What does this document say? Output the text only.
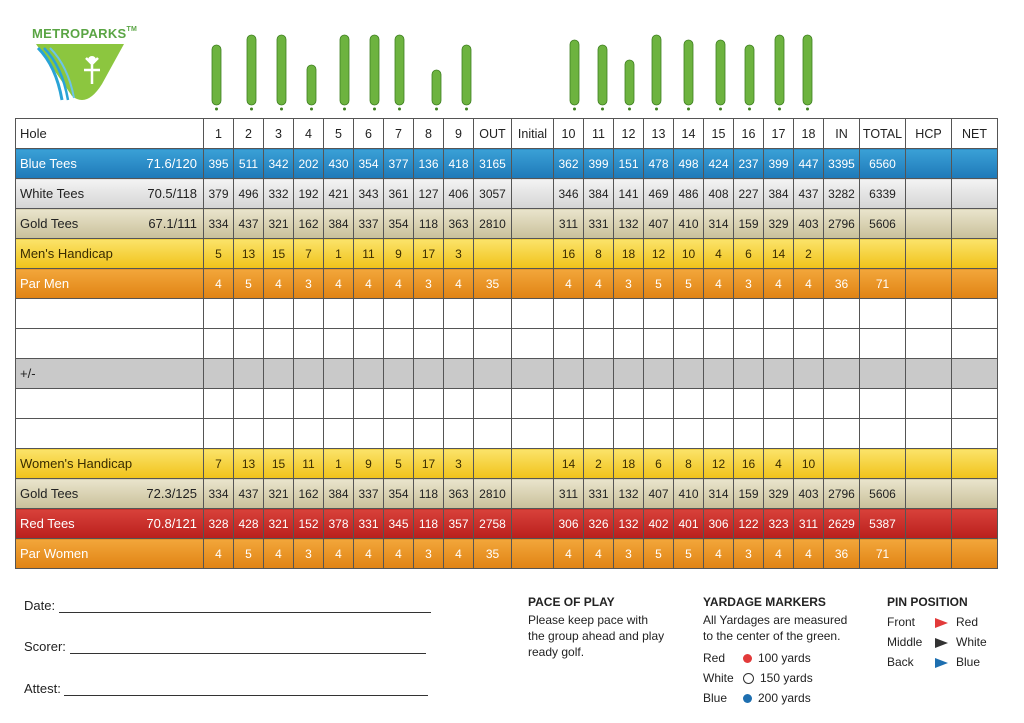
METROPARKS™
Hole	1	2	3	4	5	6	7	8	9	OUT	Initial	10	11	12	13	14	15	16	17	18	IN	TOTAL	HCP	NET

Blue Tees 71.6/120	395	511	342	202	430	354	377	136	418	3165		362	399	151	478	498	424	237	399	447	3395	6560		

White Tees 70.5/118	379	496	332	192	421	343	361	127	406	3057		346	384	141	469	486	408	227	384	437	3282	6339		

Gold Tees 67.1/111	334	437	321	162	384	337	354	118	363	2810		311	331	132	407	410	314	159	329	403	2796	5606		

Men's Handicap	5	13	15	7	1	11	9	17	3			16	8	18	12	10	4	6	14	2				

Par Men	4	5	4	3	4	4	4	3	4	35		4	4	3	5	5	4	3	4	4	36	71		

+/-																								

Women's Handicap	7	13	15	11	1	9	5	17	3			14	2	18	6	8	12	16	4	10				

Gold Tees 72.3/125	334	437	321	162	384	337	354	118	363	2810		311	331	132	407	410	314	159	329	403	2796	5606		

Red Tees 70.8/121	328	428	321	152	378	331	345	118	357	2758		306	326	132	402	401	306	122	323	311	2629	5387		

Par Women	4	5	4	3	4	4	4	3	4	35		4	4	3	5	5	4	3	4	4	36	71		
Date:
Scorer:
Attest:
PACE OF PLAY
Please keep pace with
the group ahead and play
ready golf.
YARDAGE MARKERS
All Yardages are measured
to the center of the green.
Red	100 yards
White 150 yards
Blue	200 yards
PIN POSITION
Front	Red
Middle	White
Back	Blue
